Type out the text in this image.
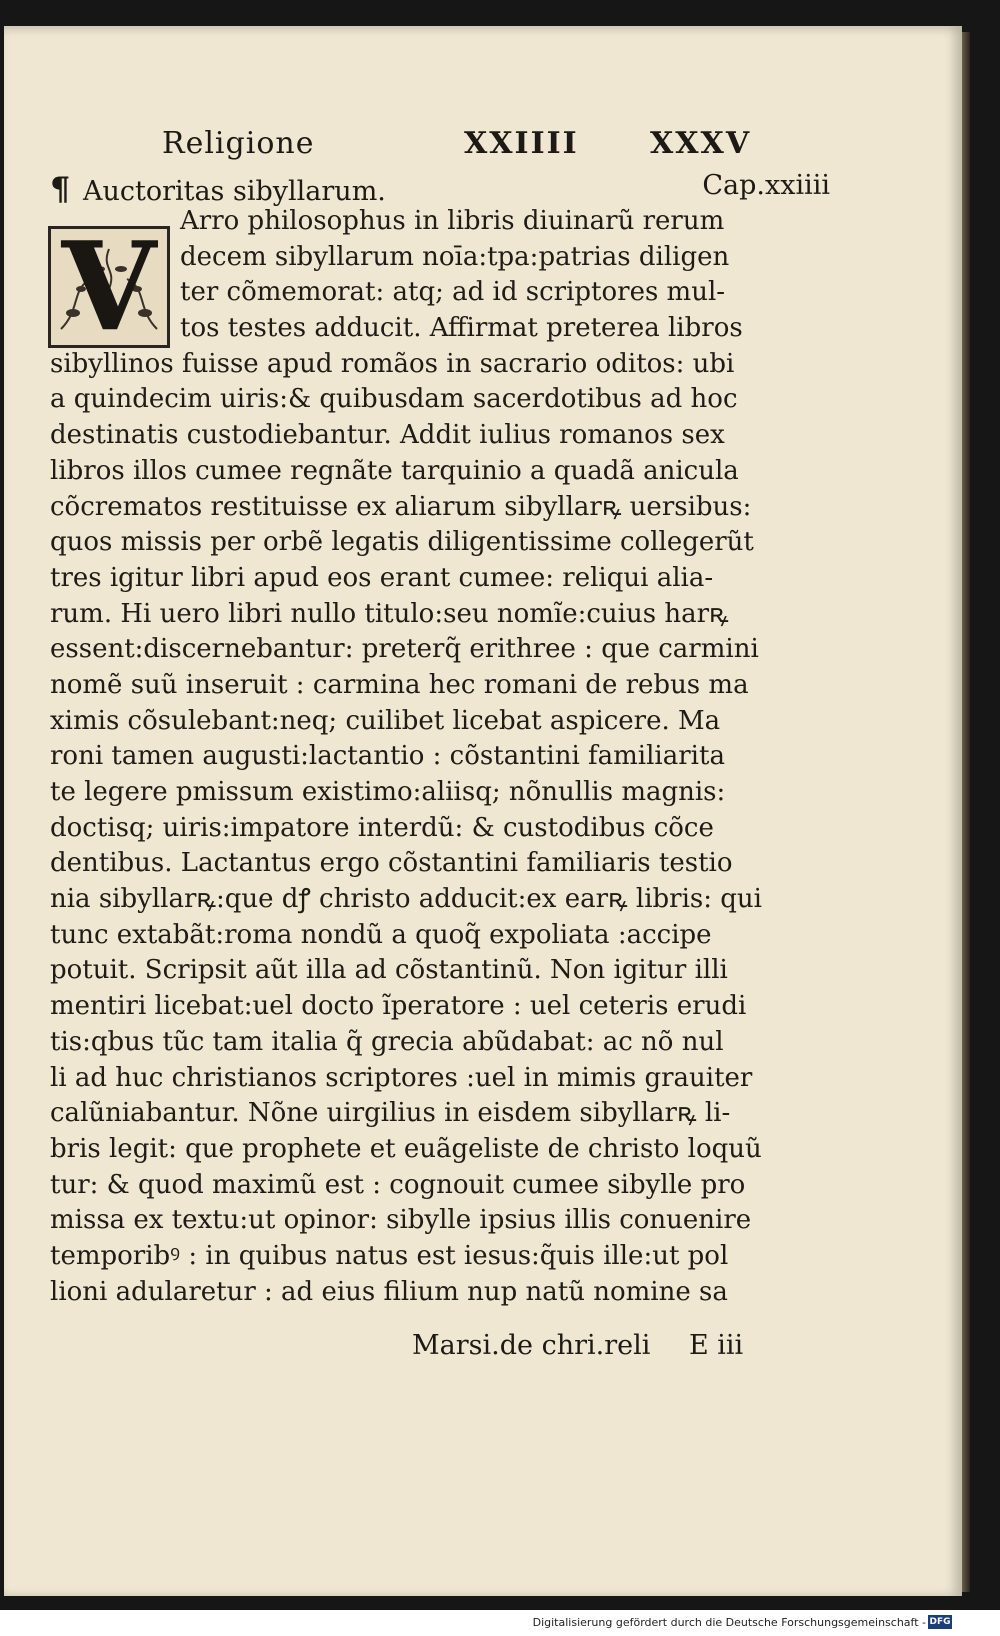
Religione	XXIIII XXXV
¶ Auctoritas sibyllarum.	Cap.xxiiii
V Arro philosophus in libris diuinarũ rerum
decem sibyllarum noīa:tpa:patrias diligen
ter cõmemorat: atq; ad id scriptores mul-
tos testes adducit. Affirmat preterea libros
sibyllinos fuisse apud romãos in sacrario oditos: ubi
a quindecim uiris:& quibusdam sacerdotibus ad hoc
destinatis custodiebantur. Addit iulius romanos sex
libros illos cumee regnãte tarquinio a quadã anicula
cõcrematos restituisse ex aliarum sibyllarꝶ uersibus:
quos missis per orbẽ legatis diligentissime collegerũt
tres igitur libri apud eos erant cumee: reliqui alia-
rum. Hi uero libri nullo titulo:seu nomĩe:cuius harꝶ
essent:discernebantur: preterq̃ erithree : que carmini
nomẽ suũ inseruit : carmina hec romani de rebus ma
ximis cõsulebant:neq; cuilibet licebat aspicere. Ma
roni tamen augusti:lactantio : cõstantini familiarita
te legere pmissum existimo:aliisq; nõnullis magnis:
doctisq; uiris:impatore interdũ: & custodibus cõce
dentibus. Lactantus ergo cõstantini familiaris testio
nia sibyllarꝶ:que dꝭ christo adducit:ex earꝶ libris: qui
tunc extabãt:roma nondũ a quoq̃ expoliata :accipe
potuit. Scripsit aũt illa ad cõstantinũ. Non igitur illi
mentiri licebat:uel docto ĩperatore : uel ceteris erudi
tis:qbus tũc tam italia q̃ grecia abũdabat: ac nõ nul
li ad huc christianos scriptores :uel in mimis grauiter
calũniabantur. Nõne uirgilius in eisdem sibyllarꝶ li-
bris legit: que prophete et euãgeliste de christo loquũ
tur: & quod maximũ est : cognouit cumee sibylle pro
missa ex textu:ut opinor: sibylle ipsius illis conuenire
temporibꝰ : in quibus natus est iesus:q̃uis ille:ut pol
lioni adularetur : ad eius filium nup natũ nomine sa
Marsi.de chri.reli E iii
Digitalisierung gefördert durch die Deutsche Forschungsgemeinschaft - DFG
